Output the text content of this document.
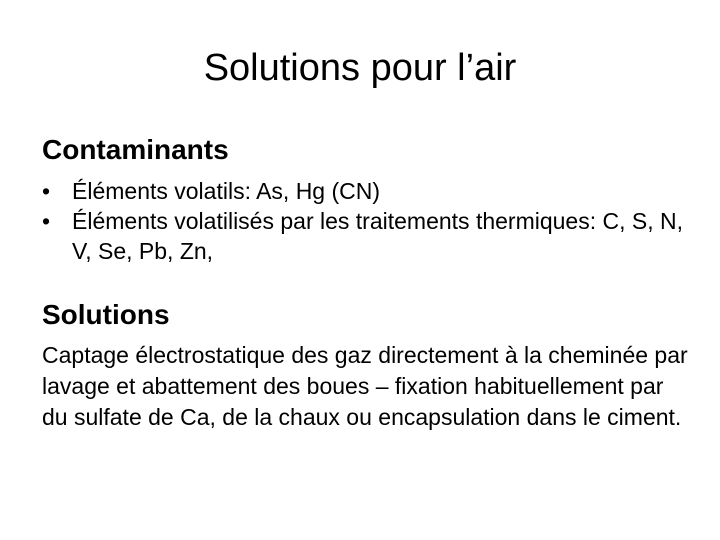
Solutions pour l’air
Contaminants
• Éléments volatils: As, Hg (CN)
• Éléments volatilisés par les traitements thermiques: C, S, N, V, Se, Pb, Zn,
Solutions

Captage électrostatique des gaz directement à la cheminée par lavage et abattement des boues – fixation habituellement par du sulfate de Ca, de la chaux ou encapsulation dans le ciment.
